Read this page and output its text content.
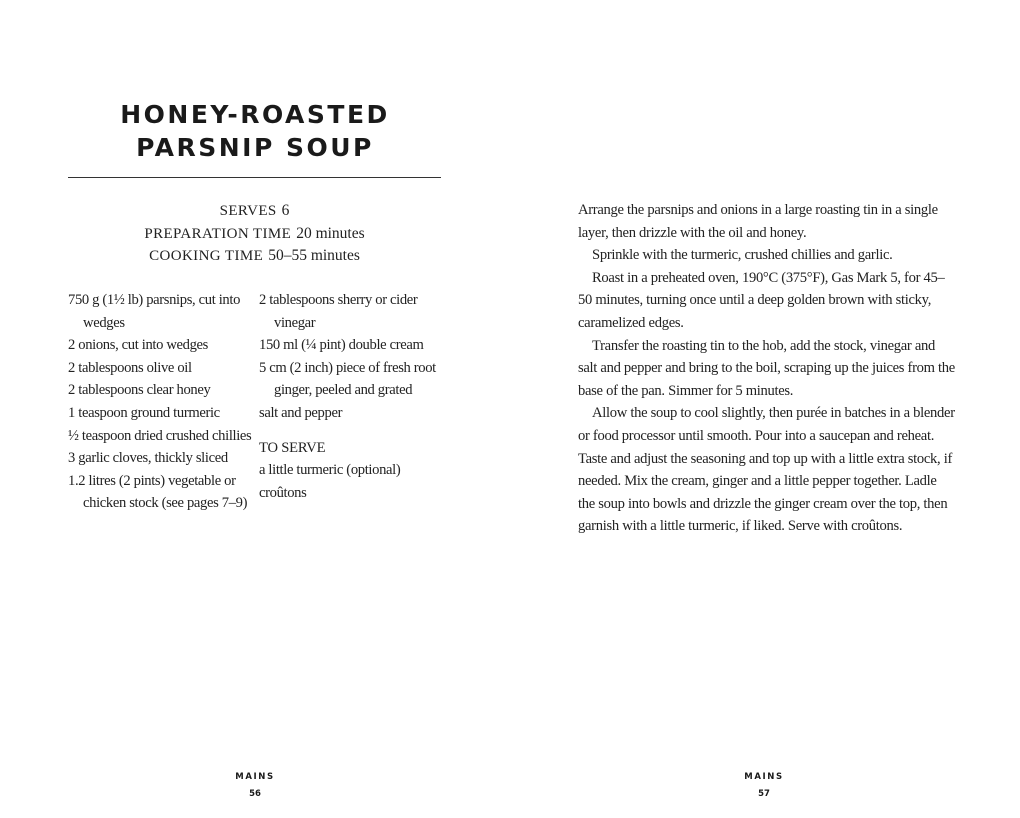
HONEY-ROASTED
PARSNIP SOUP
SERVES 6
PREPARATION TIME 20 minutes
COOKING TIME 50–55 minutes
750 g (1½ lb) parsnips, cut into wedges
2 onions, cut into wedges
2 tablespoons olive oil
2 tablespoons clear honey
1 teaspoon ground turmeric
½ teaspoon dried crushed chillies
3 garlic cloves, thickly sliced
1.2 litres (2 pints) vegetable or chicken stock (see pages 7–9)
2 tablespoons sherry or cider vinegar
150 ml (¼ pint) double cream
5 cm (2 inch) piece of fresh root ginger, peeled and grated
salt and pepper
TO SERVE
a little turmeric (optional)
croûtons
MAINS
56

Arrange the parsnips and onions in a large roasting tin in a single layer, then drizzle with the oil and honey.

Sprinkle with the turmeric, crushed chillies and garlic.

Roast in a preheated oven, 190°C (375°F), Gas Mark 5, for 45–50 minutes, turning once until a deep golden brown with sticky, caramelized edges.

Transfer the roasting tin to the hob, add the stock, vinegar and salt and pepper and bring to the boil, scraping up the juices from the base of the pan. Simmer for 5 minutes.

Allow the soup to cool slightly, then purée in batches in a blender or food processor until smooth. Pour into a saucepan and reheat. Taste and adjust the seasoning and top up with a little extra stock, if needed. Mix the cream, ginger and a little pepper together. Ladle the soup into bowls and drizzle the ginger cream over the top, then garnish with a little turmeric, if liked. Serve with croûtons.

MAINS
57
